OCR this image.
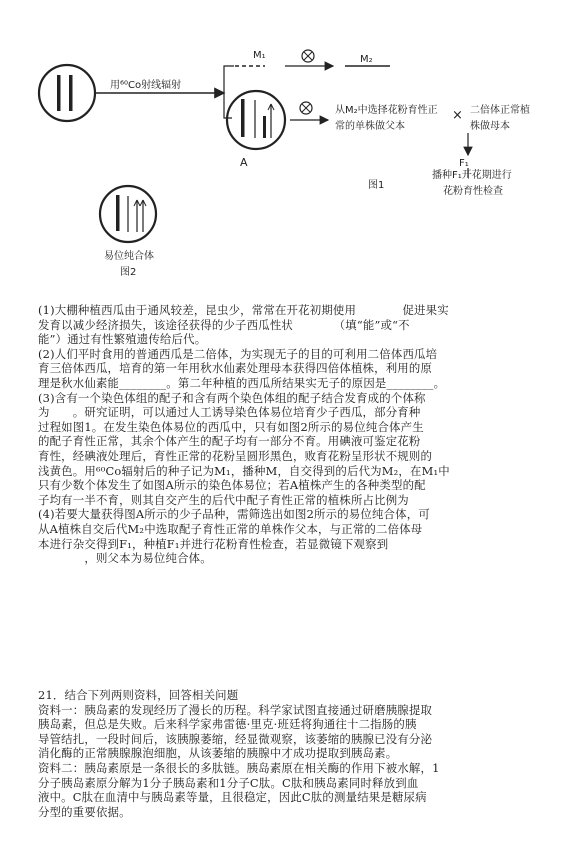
用⁶⁰Co射线辐射
M₁	M₂
A
从M₂中选择花粉育性正
常的单株做父本
× 二倍体正常植
株做母本
F₁
播种F₁开花期进行
花粉育性检查
图1
易位纯合体
图2
(1)大棚种植西瓜由于通风较差，昆虫少，常常在开花初期使用　　　　促进果实
发育以减少经济损失，该途径获得的少子西瓜性状　　　　（填“能”或“不
能”）通过有性繁殖遗传给后代。
(2)人们平时食用的普通西瓜是二倍体，为实现无子的目的可利用二倍体西瓜培
育三倍体西瓜，培育的第一年用秋水仙素处理母本获得四倍体植株，利用的原
理是秋水仙素能________。第二年种植的西瓜所结果实无子的原因是________。
(3)含有一个染色体组的配子和含有两个染色体组的配子结合发育成的个体称
为　　。研究证明，可以通过人工诱导染色体易位培育少子西瓜，部分育种
过程如图1。在发生染色体易位的西瓜中，只有如图2所示的易位纯合体产生
的配子育性正常，其余个体产生的配子均有一部分不育。用碘液可鉴定花粉
育性，经碘液处理后，育性正常的花粉呈圆形黑色，败育花粉呈形状不规则的
浅黄色。用⁶⁰Co辐射后的种子记为M₁，播种M，自交得到的后代为M₂，在M₁中
只有少数个体发生了如图A所示的染色体易位；若A植株产生的各种类型的配
子均有一半不育，则其自交产生的后代中配子育性正常的植株所占比例为
(4)若要大量获得图A所示的少子品种，需筛选出如图2所示的易位纯合体，可
从A植株自交后代M₂中选取配子育性正常的单株作父本，与正常的二倍体母
本进行杂交得到F₁，种植F₁并进行花粉育性检查，若显微镜下观察到
　　　　，则父本为易位纯合体。
21．结合下列两则资料，回答相关问题
资料一：胰岛素的发现经历了漫长的历程。科学家试图直接通过研磨胰腺提取
胰岛素，但总是失败。后来科学家弗雷德·里克·班廷将狗通往十二指肠的胰
导管结扎，一段时间后，该胰腺萎缩，经显微观察，该萎缩的胰腺已没有分泌
消化酶的正常胰腺腺泡细胞，从该萎缩的胰腺中才成功提取到胰岛素。
资料二：胰岛素原是一条很长的多肽链。胰岛素原在相关酶的作用下被水解，1
分子胰岛素原分解为1分子胰岛素和1分子C肽。C肽和胰岛素同时释放到血
液中。C肽在血清中与胰岛素等量，且很稳定，因此C肽的测量结果是糖尿病
分型的重要依据。
